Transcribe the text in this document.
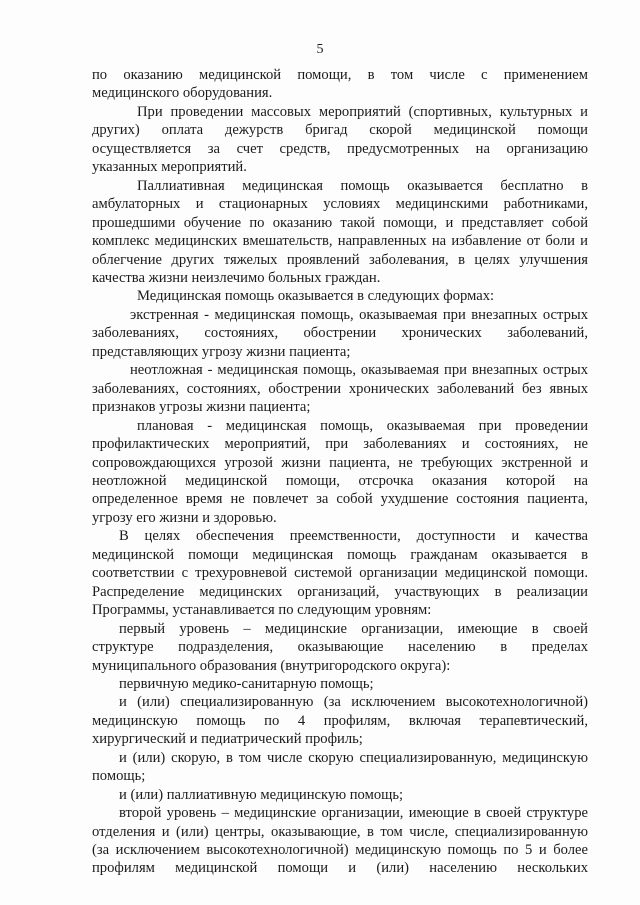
5
по оказанию медицинской помощи, в том числе с применением
медицинского оборудования.
При проведении массовых мероприятий (спортивных, культурных и
других) оплата дежурств бригад скорой медицинской помощи
осуществляется за счет средств, предусмотренных на организацию
указанных мероприятий.
Паллиативная медицинская помощь оказывается бесплатно в
амбулаторных и стационарных условиях медицинскими работниками,
прошедшими обучение по оказанию такой помощи, и представляет собой
комплекс медицинских вмешательств, направленных на избавление от боли и
облегчение других тяжелых проявлений заболевания, в целях улучшения
качества жизни неизлечимо больных граждан.
Медицинская помощь оказывается в следующих формах:
экстренная - медицинская помощь, оказываемая при внезапных острых
заболеваниях, состояниях, обострении хронических заболеваний,
представляющих угрозу жизни пациента;
неотложная - медицинская помощь, оказываемая при внезапных острых
заболеваниях, состояниях, обострении хронических заболеваний без явных
признаков угрозы жизни пациента;
плановая - медицинская помощь, оказываемая при проведении
профилактических мероприятий, при заболеваниях и состояниях, не
сопровождающихся угрозой жизни пациента, не требующих экстренной и
неотложной медицинской помощи, отсрочка оказания которой на
определенное время не повлечет за собой ухудшение состояния пациента,
угрозу его жизни и здоровью.
В целях обеспечения преемственности, доступности и качества
медицинской помощи медицинская помощь гражданам оказывается в
соответствии с трехуровневой системой организации медицинской помощи.
Распределение медицинских организаций, участвующих в реализации
Программы, устанавливается по следующим уровням:
первый уровень – медицинские организации, имеющие в своей
структуре подразделения, оказывающие населению в пределах
муниципального образования (внутригородского округа):
первичную медико-санитарную помощь;
и (или) специализированную (за исключением высокотехнологичной)
медицинскую помощь по 4 профилям, включая терапевтический,
хирургический и педиатрический профиль;
и (или) скорую, в том числе скорую специализированную, медицинскую
помощь;
и (или) паллиативную медицинскую помощь;
второй уровень – медицинские организации, имеющие в своей структуре
отделения и (или) центры, оказывающие, в том числе, специализированную
(за исключением высокотехнологичной) медицинскую помощь по 5 и более
профилям медицинской помощи и (или) населению нескольких
